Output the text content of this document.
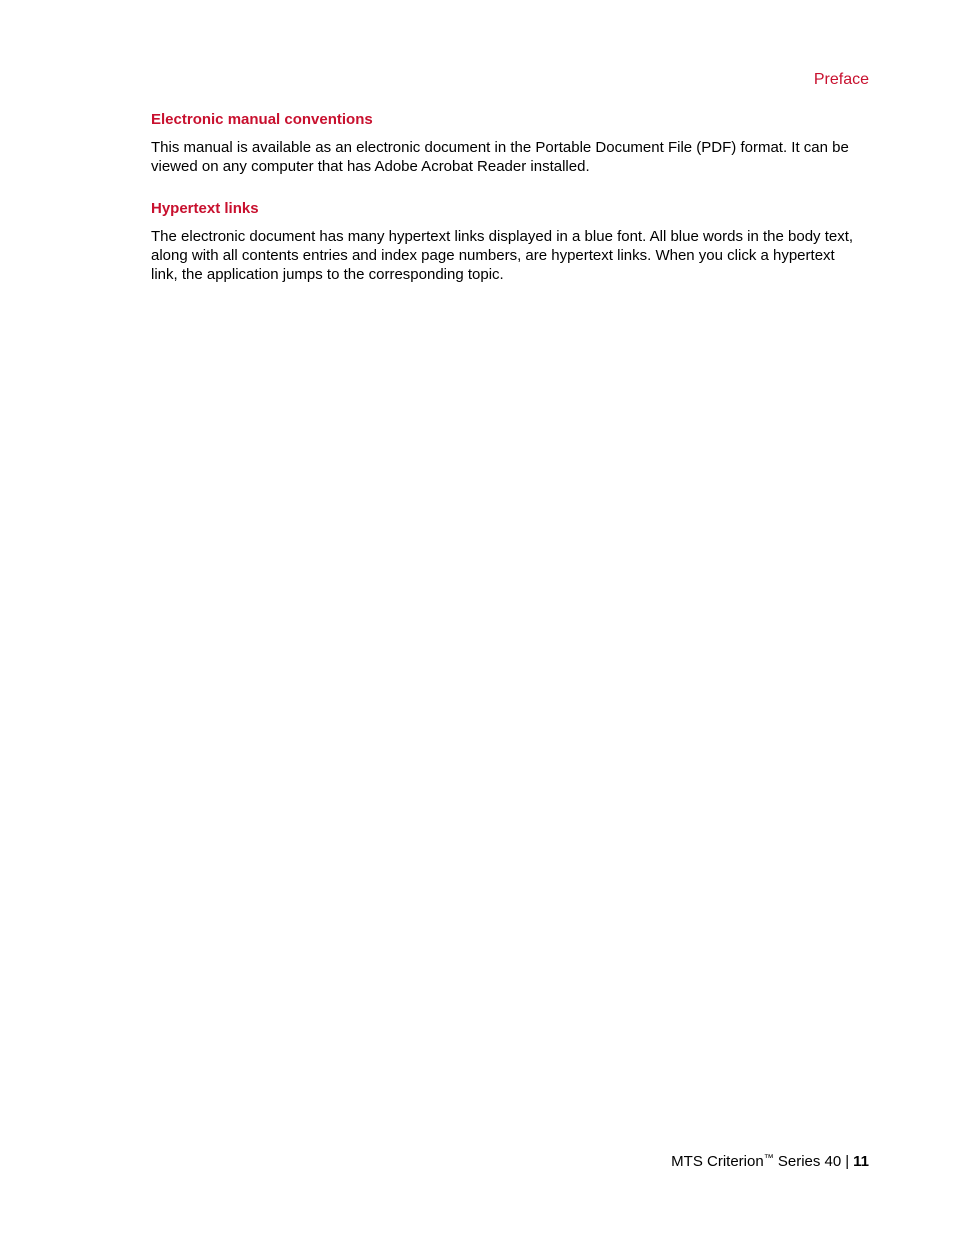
Preface
Electronic manual conventions

This manual is available as an electronic document in the Portable Document File (PDF) format. It can be
viewed on any computer that has Adobe Acrobat Reader installed.

Hypertext links

The electronic document has many hypertext links displayed in a blue font. All blue words in the body text,
along with all contents entries and index page numbers, are hypertext links. When you click a hypertext
link, the application jumps to the corresponding topic.

MTS Criterion™ Series 40 | 11
